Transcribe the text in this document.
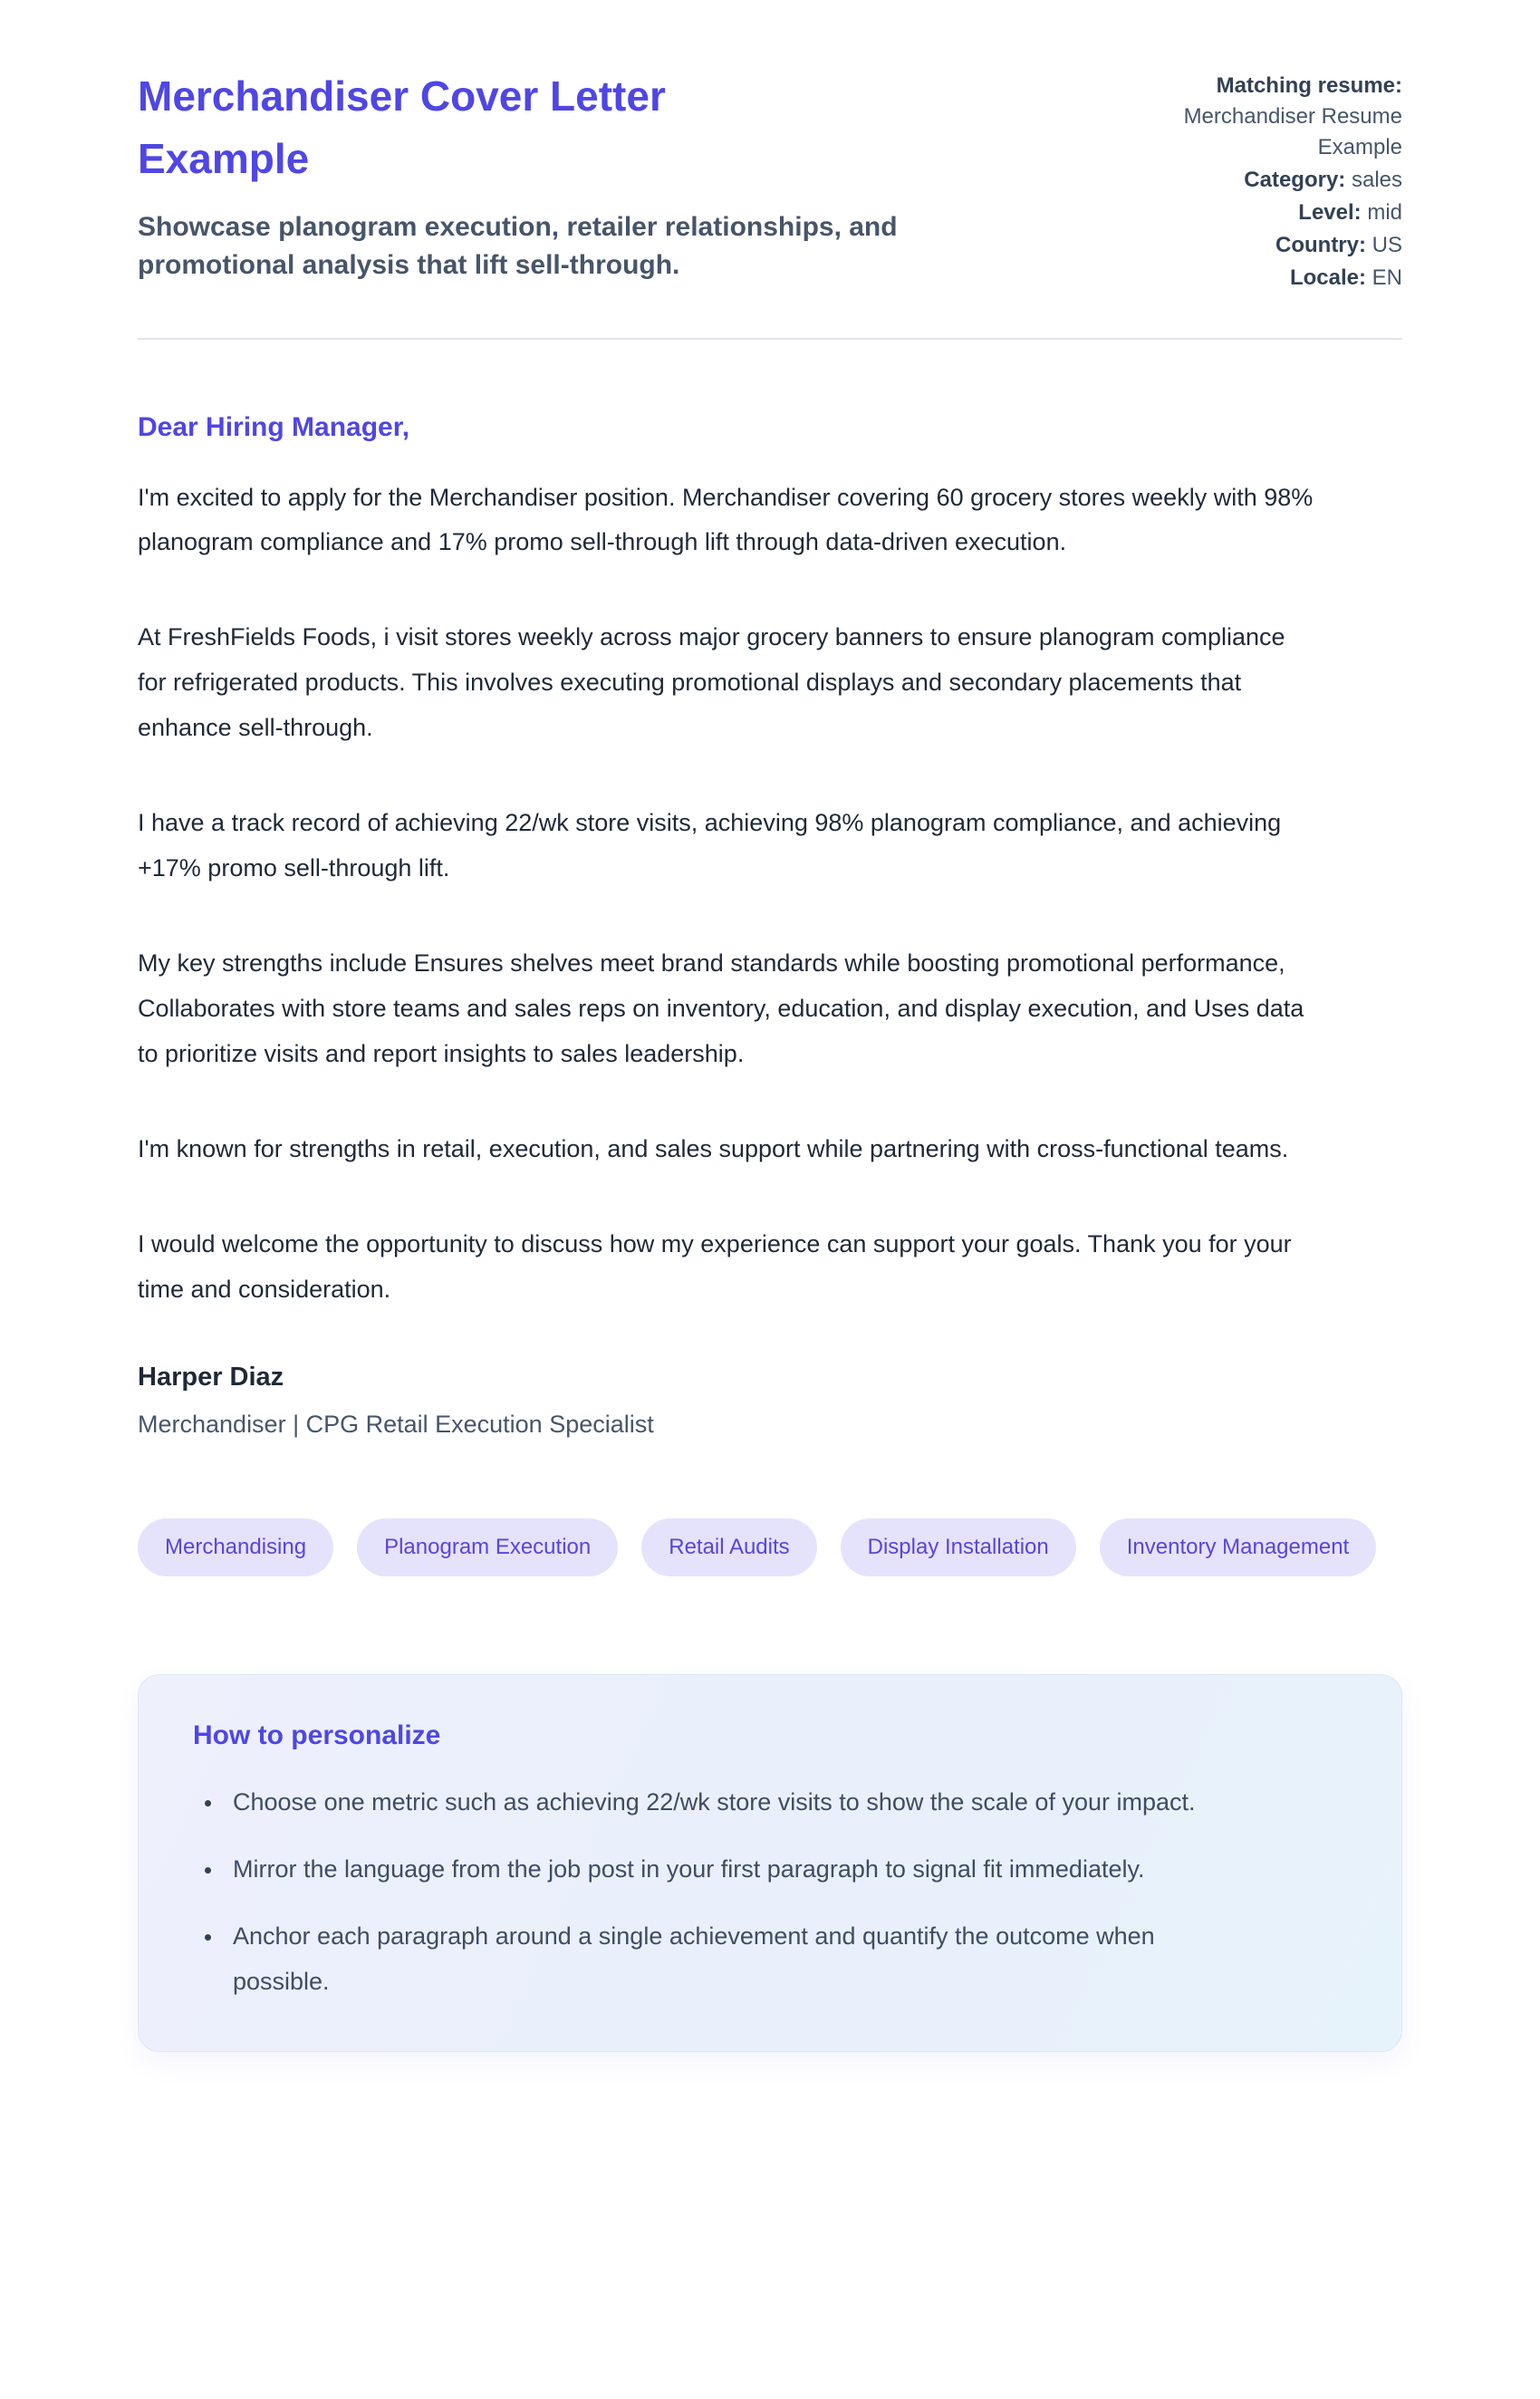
Merchandiser Cover Letter Example
Showcase planogram execution, retailer relationships, and promotional analysis that lift sell-through.
Matching resume: Merchandiser Resume Example
Category: sales
Level: mid
Country: US
Locale: EN

Dear Hiring Manager,

I'm excited to apply for the Merchandiser position. Merchandiser covering 60 grocery stores weekly with 98% planogram compliance and 17% promo sell-through lift through data-driven execution.

At FreshFields Foods, i visit stores weekly across major grocery banners to ensure planogram compliance for refrigerated products. This involves executing promotional displays and secondary placements that enhance sell-through.

I have a track record of achieving 22/wk store visits, achieving 98% planogram compliance, and achieving +17% promo sell-through lift.

My key strengths include Ensures shelves meet brand standards while boosting promotional performance, Collaborates with store teams and sales reps on inventory, education, and display execution, and Uses data to prioritize visits and report insights to sales leadership.

I'm known for strengths in retail, execution, and sales support while partnering with cross-functional teams.

I would welcome the opportunity to discuss how my experience can support your goals. Thank you for your time and consideration.

Harper Diaz
Merchandiser | CPG Retail Execution Specialist
Merchandising	Planogram Execution	Retail Audits	Display Installation	Inventory Management
How to personalize
• Choose one metric such as achieving 22/wk store visits to show the scale of your impact.
• Mirror the language from the job post in your first paragraph to signal fit immediately.
• Anchor each paragraph around a single achievement and quantify the outcome when possible.
